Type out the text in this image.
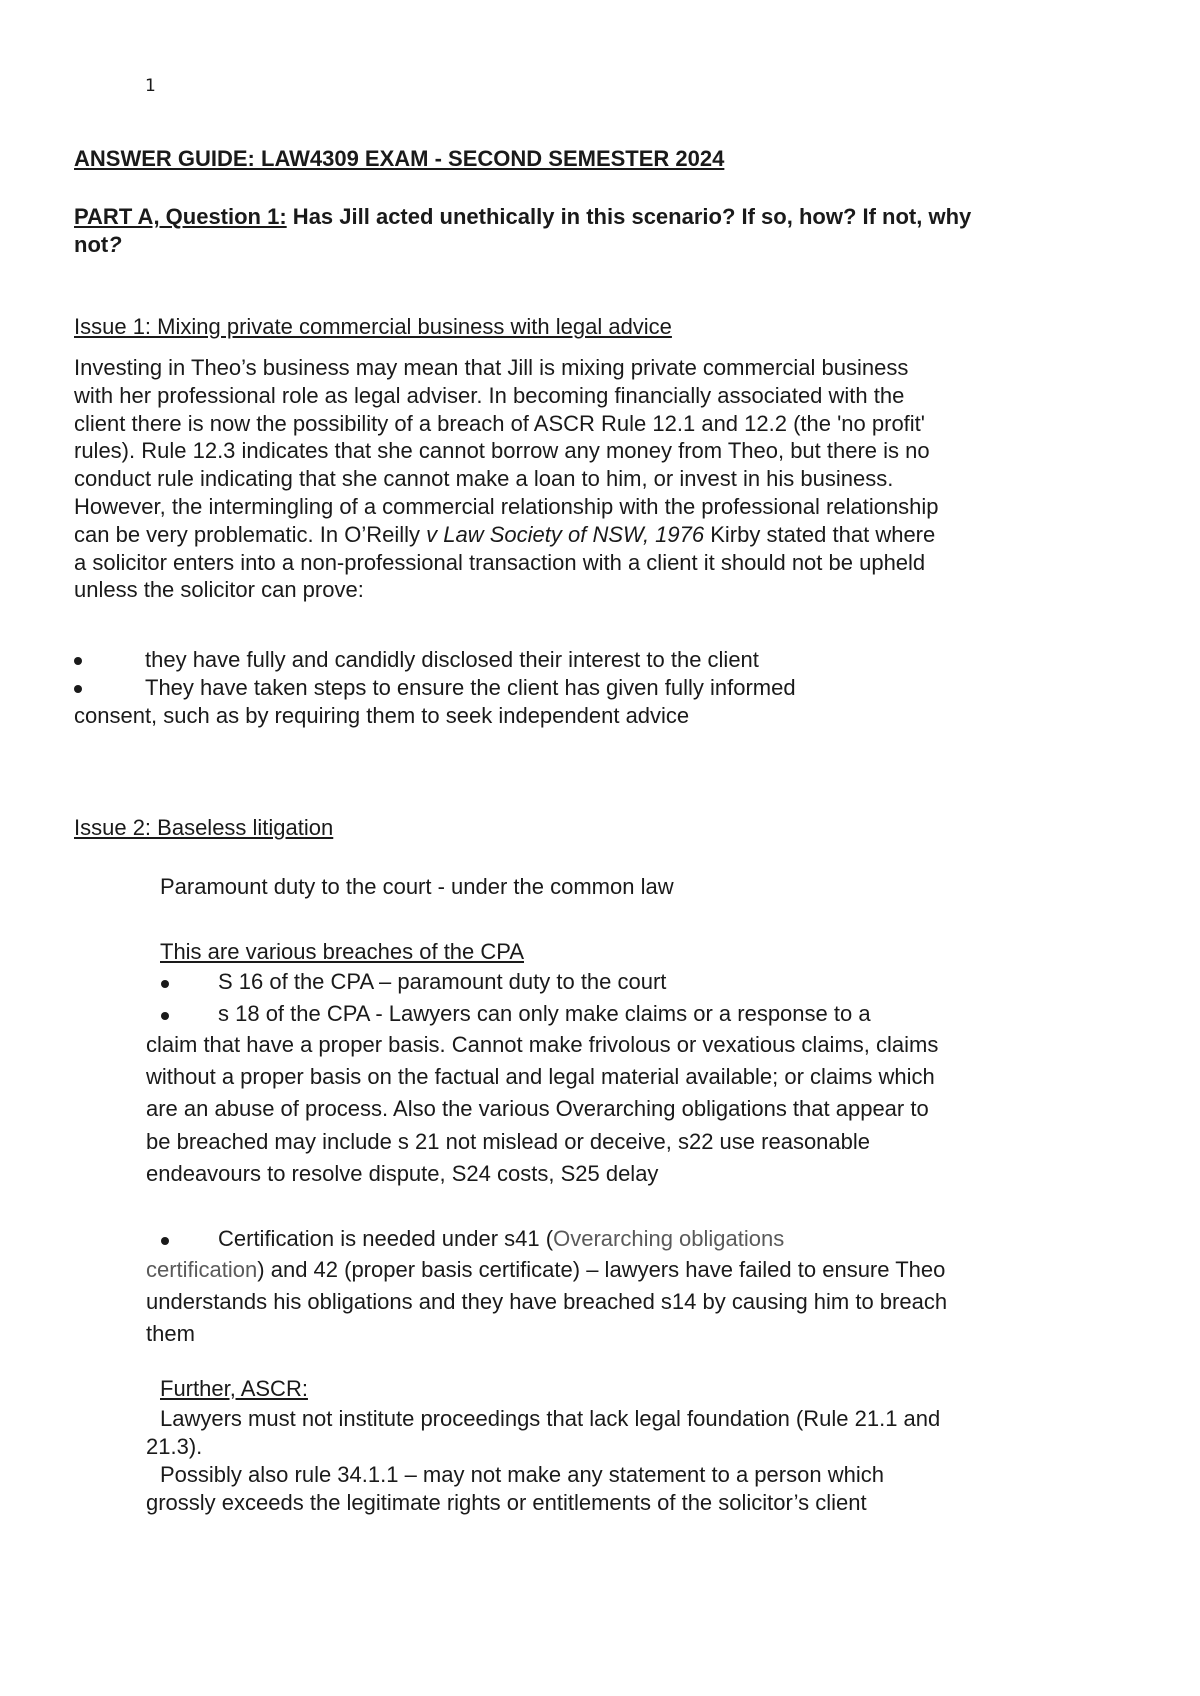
1
ANSWER GUIDE: LAW4309 EXAM - SECOND SEMESTER 2024
PART A, Question 1: Has Jill acted unethically in this scenario? If so, how? If not, why not?
Issue 1: Mixing private commercial business with legal advice
Investing in Theo’s business may mean that Jill is mixing private commercial business with her professional role as legal adviser. In becoming financially associated with the client there is now the possibility of a breach of ASCR Rule 12.1 and 12.2 (the 'no profit' rules). Rule 12.3 indicates that she cannot borrow any money from Theo, but there is no conduct rule indicating that she cannot make a loan to him, or invest in his business. However, the intermingling of a commercial relationship with the professional relationship can be very problematic. In O’Reilly v Law Society of NSW, 1976 Kirby stated that where a solicitor enters into a non-professional transaction with a client it should not be upheld unless the solicitor can prove:
they have fully and candidly disclosed their interest to the client
They have taken steps to ensure the client has given fully informed
consent, such as by requiring them to seek independent advice
Issue 2: Baseless litigation
Paramount duty to the court - under the common law
This are various breaches of the CPA
S 16 of the CPA – paramount duty to the court
s 18 of the CPA - Lawyers can only make claims or a response to a
claim that have a proper basis. Cannot make frivolous or vexatious claims, claims without a proper basis on the factual and legal material available; or claims which are an abuse of process. Also the various Overarching obligations that appear to be breached may include s 21 not mislead or deceive, s22 use reasonable endeavours to resolve dispute, S24 costs, S25 delay
Certification is needed under s41 (Overarching obligations
certification) and 42 (proper basis certificate) – lawyers have failed to ensure Theo understands his obligations and they have breached s14 by causing him to breach them
Further, ASCR:
Lawyers must not institute proceedings that lack legal foundation (Rule 21.1 and 21.3).
Possibly also rule 34.1.1 – may not make any statement to a person which grossly exceeds the legitimate rights or entitlements of the solicitor’s client
